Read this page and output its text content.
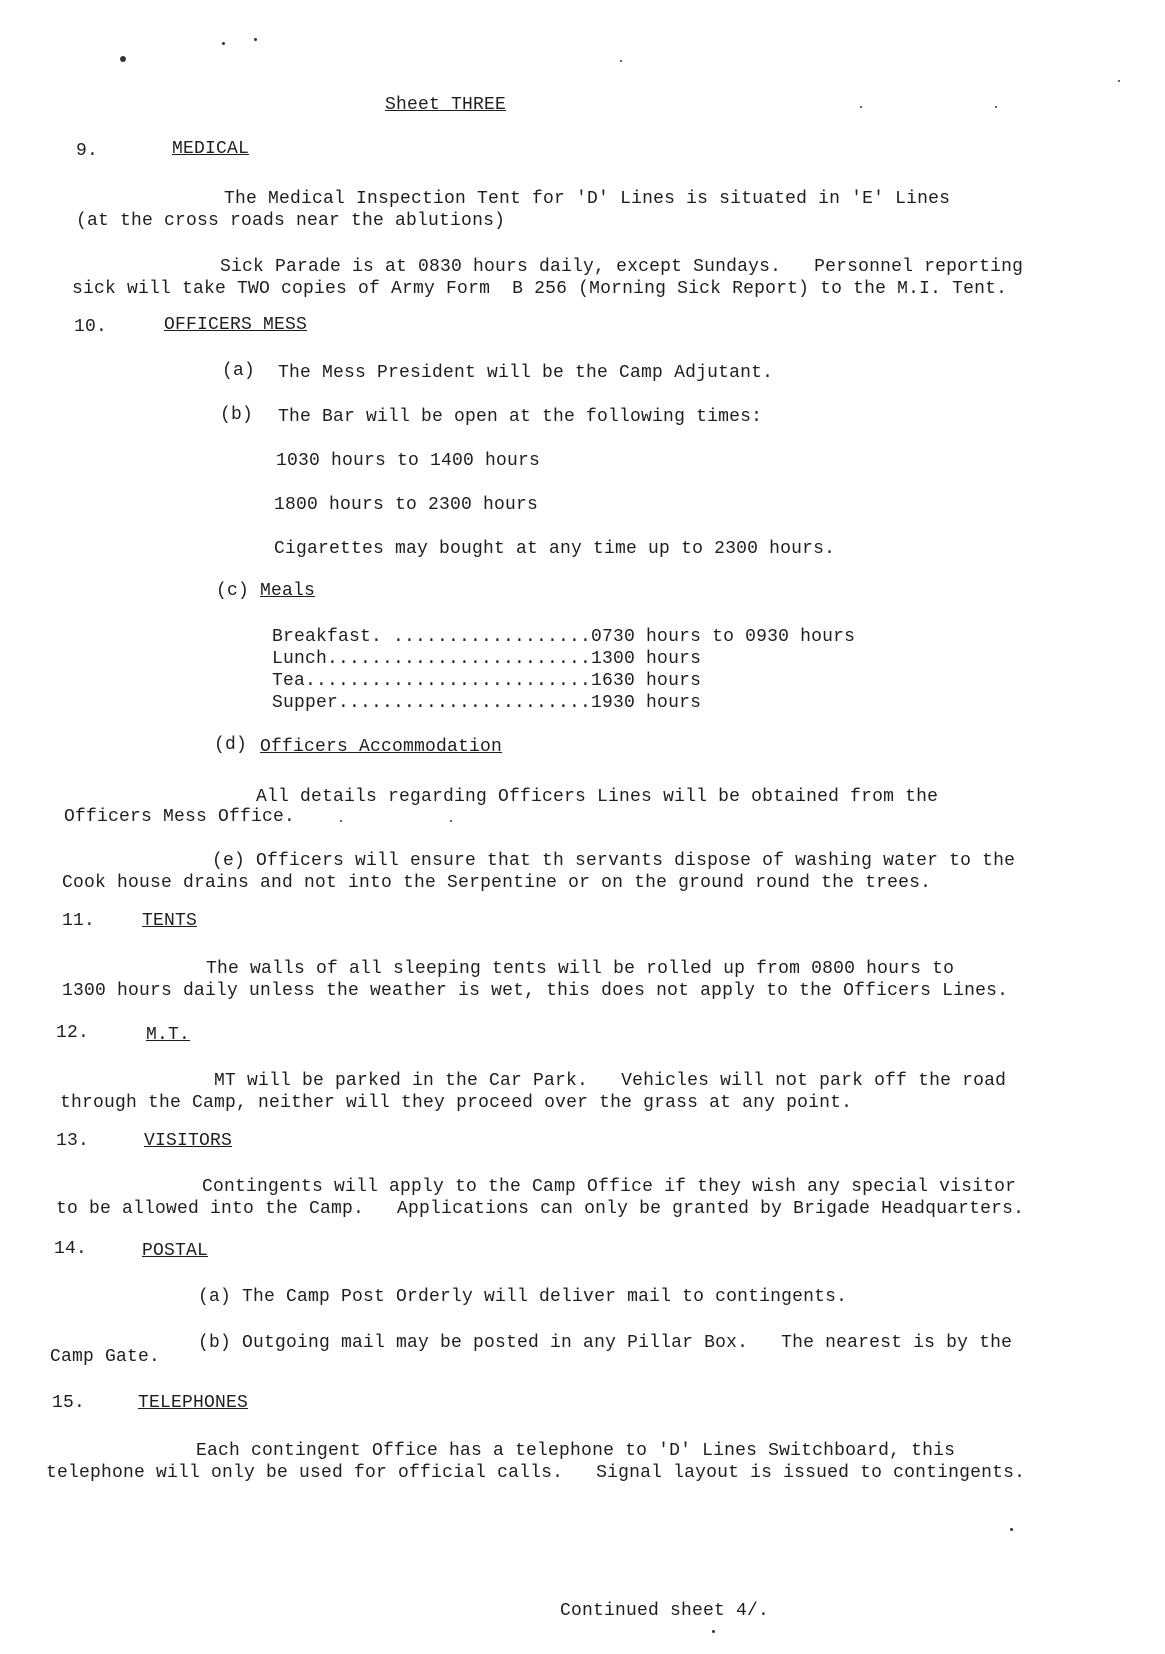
Sheet THREE
9.	MEDICAL
The Medical Inspection Tent for 'D' Lines is situated in 'E' Lines
(at the cross roads near the ablutions)
Sick Parade is at 0830 hours daily, except Sundays.   Personnel reporting
sick will take TWO copies of Army Form  B 256 (Morning Sick Report) to the M.I. Tent.
10.	OFFICERS MESS
(a) The Mess President will be the Camp Adjutant.
(b) The Bar will be open at the following times:
1030 hours to 1400 hours
1800 hours to 2300 hours
Cigarettes may bought at any time up to 2300 hours.
(c) Meals
Breakfast. ..................0730 hours to 0930 hours
Lunch........................1300 hours
Tea..........................1630 hours
Supper.......................1930 hours
(d) Officers Accommodation
All details regarding Officers Lines will be obtained from the
Officers Mess Office.
(e) Officers will ensure that th servants dispose of washing water to the
Cook house drains and not into the Serpentine or on the ground round the trees.
11.	TENTS
The walls of all sleeping tents will be rolled up from 0800 hours to
1300 hours daily unless the weather is wet, this does not apply to the Officers Lines.
12.	M.T.
MT will be parked in the Car Park.   Vehicles will not park off the road
through the Camp, neither will they proceed over the grass at any point.
13.	VISITORS
Contingents will apply to the Camp Office if they wish any special visitor
to be allowed into the Camp.   Applications can only be granted by Brigade Headquarters.
14.	POSTAL
(a) The Camp Post Orderly will deliver mail to contingents.
(b) Outgoing mail may be posted in any Pillar Box.   The nearest is by the
Camp Gate.
15.	TELEPHONES
Each contingent Office has a telephone to 'D' Lines Switchboard, this
telephone will only be used for official calls.   Signal layout is issued to contingents.
Continued sheet 4/.
